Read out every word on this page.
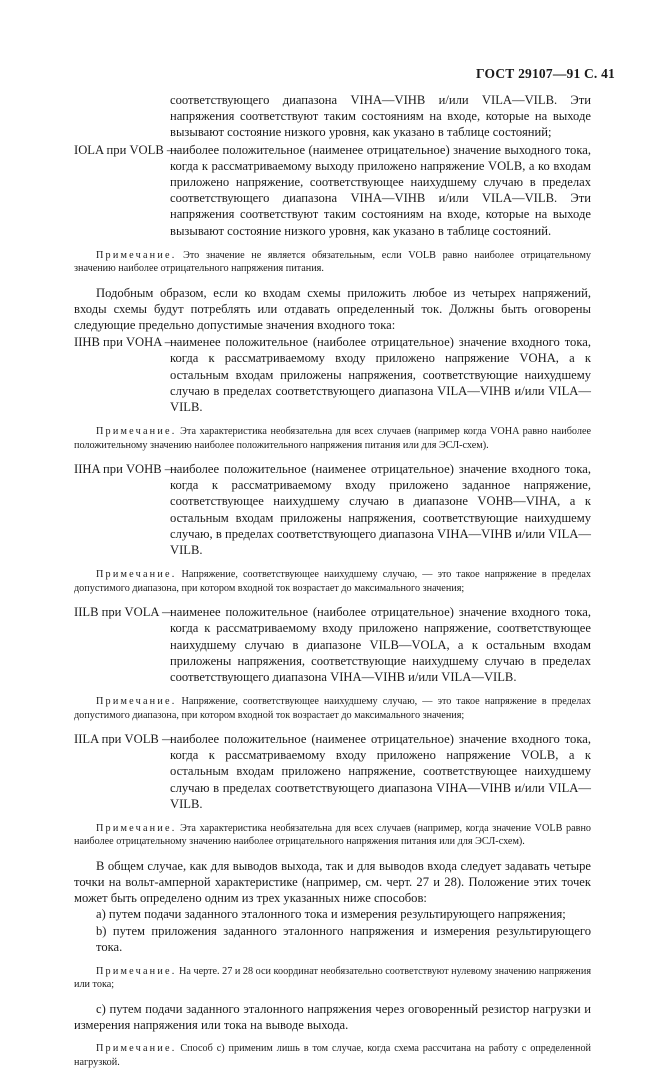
ГОСТ 29107—91 С. 41

соответствующего диапазона VIHA—VIHB и/или VILA—VILB. Эти напряжения соответствуют таким состояниям на входе, которые на выходе вызывают состояние низкого уровня, как указано в таблице состояний;

IOLA при VOLB —
наиболее положительное (наименее отрицательное) значение выходного тока, когда к рассматриваемому выходу приложено напряжение VOLB, а ко входам приложено напряжение, соответствующее наихудшему случаю в пределах соответствующего диапазона VIHA—VIHB и/или VILA—VILB. Эти напряжения соответствуют таким состояниям на входе, которые на выходе вызывают состояние низкого уровня, как указано в таблице состояний.

Примечание. Это значение не является обязательным, если VOLB равно наиболее отрицательному значению наиболее отрицательного напряжения питания.

Подобным образом, если ко входам схемы приложить любое из четырех напряжений, входы схемы будут потреблять или отдавать определенный ток. Должны быть оговорены следующие предельно допустимые значения входного тока:

IIHB при VOHA —
наименее положительное (наиболее отрицательное) значение входного тока, когда к рассматриваемому входу приложено напряжение VOHA, а к остальным входам приложены напряжения, соответствующие наихудшему случаю в пределах соответствующего диапазона VILA—VIHB и/или VILA—VILB.

Примечание. Эта характеристика необязательна для всех случаев (например когда VOHA равно наиболее положительному значению наиболее положительного напряжения питания или для ЭСЛ-схем).

IIHA при VOHB —
наиболее положительное (наименее отрицательное) значение входного тока, когда к рассматриваемому входу приложено заданное напряжение, соответствующее наихудшему случаю в диапазоне VOHB—VIHA, а к остальным входам приложены напряжения, соответствующие наихудшему случаю, в пределах соответствующего диапазона VIHA—VIHB и/или VILA—VILB.

Примечание. Напряжение, соответствующее наихудшему случаю, — это такое напряжение в пределах допустимого диапазона, при котором входной ток возрастает до максимального значения;

IILB при VOLA —
наименее положительное (наиболее отрицательное) значение входного тока, когда к рассматриваемому входу приложено напряжение, соответствующее наихудшему случаю в диапазоне VILB—VOLA, а к остальным входам приложены напряжения, соответствующие наихудшему случаю в пределах соответствующего диапазона VIHA—VIHB и/или VILA—VILB.

Примечание. Напряжение, соответствующее наихудшему случаю, — это такое напряжение в пределах допустимого диапазона, при котором входной ток возрастает до максимального значения;

IILA при VOLB —
наиболее положительное (наименее отрицательное) значение входного тока, когда к рассматриваемому входу приложено напряжение VOLB, а к остальным входам приложено напряжение, соответствующее наихудшему случаю в пределах соответствующего диапазона VIHA—VIHB и/или VILA—VILB.

Примечание. Эта характеристика необязательна для всех случаев (например, когда значение VOLB равно наиболее отрицательному значению наиболее отрицательного напряжения питания или для ЭСЛ-схем).

В общем случае, как для выводов выхода, так и для выводов входа следует задавать четыре точки на вольт-амперной характеристике (например, см. черт. 27 и 28). Положение этих точек может быть определено одним из трех указанных ниже способов:

а) путем подачи заданного эталонного тока и измерения результирующего напряжения;

b) путем приложения заданного эталонного напряжения и измерения результирующего тока.

Примечание. На черте. 27 и 28 оси координат необязательно соответствуют нулевому значению напряжения или тока;

с) путем подачи заданного эталонного напряжения через оговоренный резистор нагрузки и измерения напряжения или тока на выводе выхода.

Примечание. Способ с) применим лишь в том случае, когда схема рассчитана на работу с определенной нагрузкой.
